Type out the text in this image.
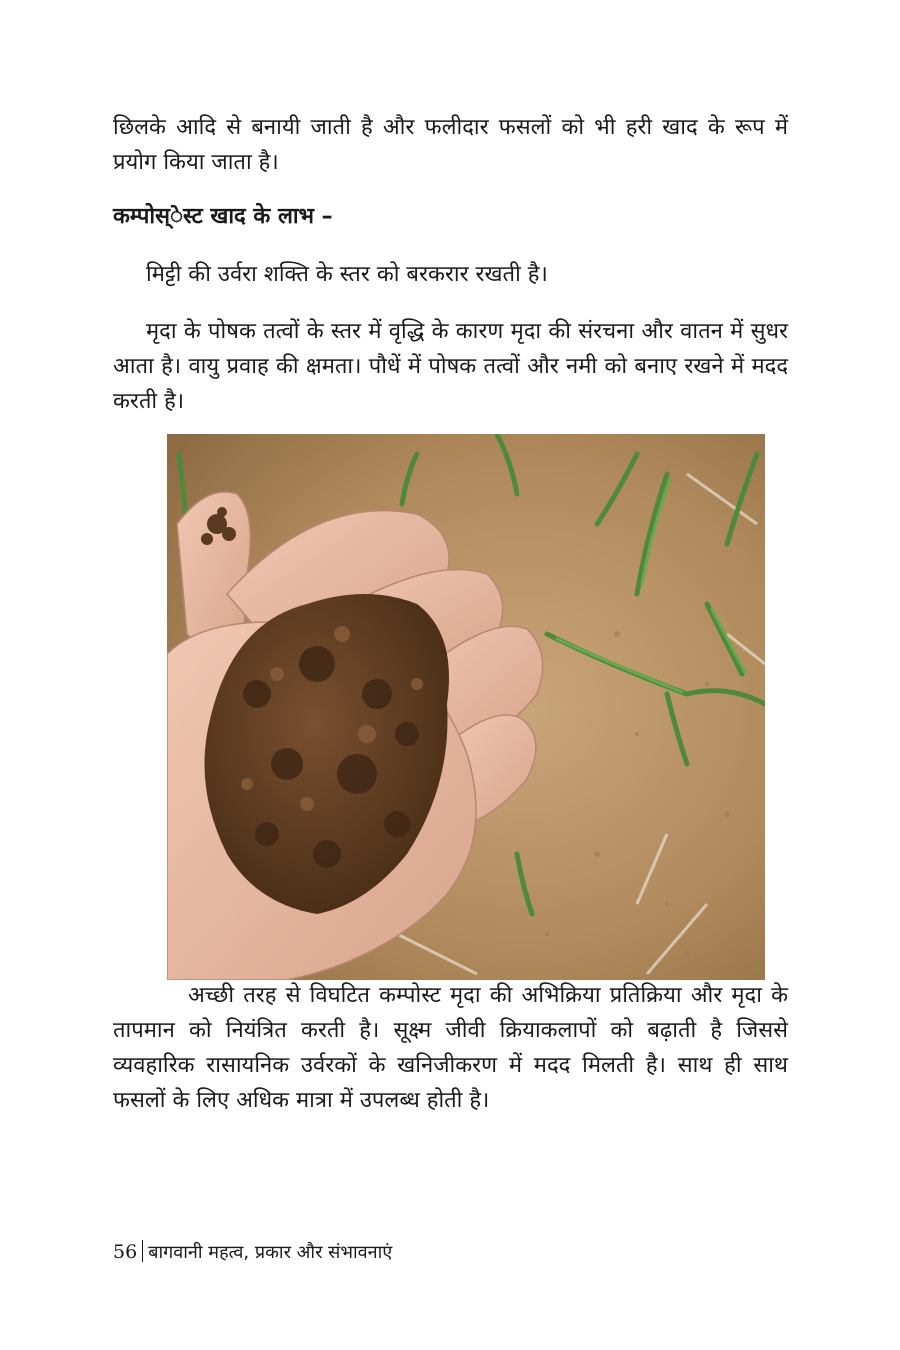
छिलके आदि से बनायी जाती है और फलीदार फसलों को भी हरी खाद के रूप में प्रयोग किया जाता है।

कम्पोस्ेस्ट खाद के लाभ –

मिट्टी की उर्वरा शक्ति के स्तर को बरकरार रखती है।

मृदा के पोषक तत्वों के स्तर में वृद्धि के कारण मृदा की संरचना और वातन में सुधर आता है। वायु प्रवाह की क्षमता। पौधें में पोषक तत्वों और नमी को बनाए रखने में मदद करती है।

अच्छी तरह से विघटित कम्पोस्ट मृदा की अभिक्रिया प्रतिक्रिया और मृदा के तापमान को नियंत्रित करती है। सूक्ष्म जीवी क्रियाकलापों को बढ़ाती है जिससे व्यवहारिक रासायनिक उर्वरकों के खनिजीकरण में मदद मिलती है। साथ ही साथ फसलों के लिए अधिक मात्रा में उपलब्ध होती है।

56 बागवानी महत्व, प्रकार और संभावनाएं
